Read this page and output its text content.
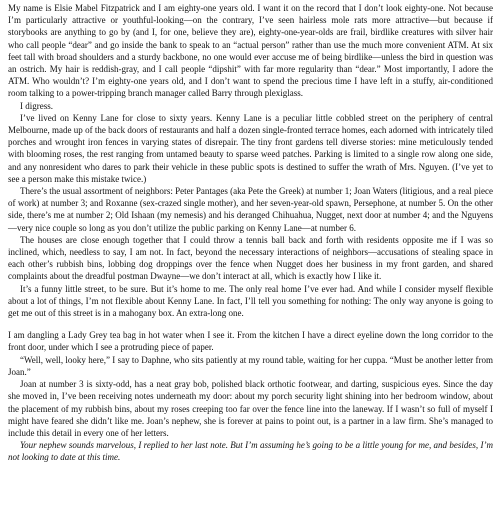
My name is Elsie Mabel Fitzpatrick and I am eighty-one years old. I want it on the record that I don’t look eighty-one. Not because I’m particularly attractive or youthful-looking—on the contrary, I’ve seen hairless mole rats more attractive—but because if storybooks are anything to go by (and I, for one, believe they are), eighty-one-year-olds are frail, birdlike creatures with silver hair who call people “dear” and go inside the bank to speak to an “actual person” rather than use the much more convenient ATM. At six feet tall with broad shoulders and a sturdy backbone, no one would ever accuse me of being birdlike—unless the bird in question was an ostrich. My hair is reddish-gray, and I call people “dipshit” with far more regularity than “dear.” Most importantly, I adore the ATM. Who wouldn’t? I’m eighty-one years old, and I don’t want to spend the precious time I have left in a stuffy, air-conditioned room talking to a power-tripping branch manager called Barry through plexiglass.

I digress.

I’ve lived on Kenny Lane for close to sixty years. Kenny Lane is a peculiar little cobbled street on the periphery of central Melbourne, made up of the back doors of restaurants and half a dozen single-fronted terrace homes, each adorned with intricately tiled porches and wrought iron fences in varying states of disrepair. The tiny front gardens tell diverse stories: mine meticulously tended with blooming roses, the rest ranging from untamed beauty to sparse weed patches. Parking is limited to a single row along one side, and any nonresident who dares to park their vehicle in these public spots is destined to suffer the wrath of Mrs. Nguyen. (I’ve yet to see a person make this mistake twice.)

There’s the usual assortment of neighbors: Peter Pantages (aka Pete the Greek) at number 1; Joan Waters (litigious, and a real piece of work) at number 3; and Roxanne (sex-crazed single mother), and her seven-year-old spawn, Persephone, at number 5. On the other side, there’s me at number 2; Old Ishaan (my nemesis) and his deranged Chihuahua, Nugget, next door at number 4; and the Nguyens—very nice couple so long as you don’t utilize the public parking on Kenny Lane—at number 6.

The houses are close enough together that I could throw a tennis ball back and forth with residents opposite me if I was so inclined, which, needless to say, I am not. In fact, beyond the necessary interactions of neighbors—accusations of stealing space in each other’s rubbish bins, lobbing dog droppings over the fence when Nugget does her business in my front garden, and shared complaints about the dreadful postman Dwayne—we don’t interact at all, which is exactly how I like it.

It’s a funny little street, to be sure. But it’s home to me. The only real home I’ve ever had. And while I consider myself flexible about a lot of things, I’m not flexible about Kenny Lane. In fact, I’ll tell you something for nothing: The only way anyone is going to get me out of this street is in a mahogany box. An extra-long one.

I am dangling a Lady Grey tea bag in hot water when I see it. From the kitchen I have a direct eyeline down the long corridor to the front door, under which I see a protruding piece of paper.

“Well, well, looky here,” I say to Daphne, who sits patiently at my round table, waiting for her cuppa. “Must be another letter from Joan.”

Joan at number 3 is sixty-odd, has a neat gray bob, polished black orthotic footwear, and darting, suspicious eyes. Since the day she moved in, I’ve been receiving notes underneath my door: about my porch security light shining into her bedroom window, about the placement of my rubbish bins, about my roses creeping too far over the fence line into the laneway. If I wasn’t so full of myself I might have feared she didn’t like me. Joan’s nephew, she is forever at pains to point out, is a partner in a law firm. She’s managed to include this detail in every one of her letters.

Your nephew sounds marvelous, I replied to her last note. But I’m assuming he’s going to be a little young for me, and besides, I’m not looking to date at this time.
